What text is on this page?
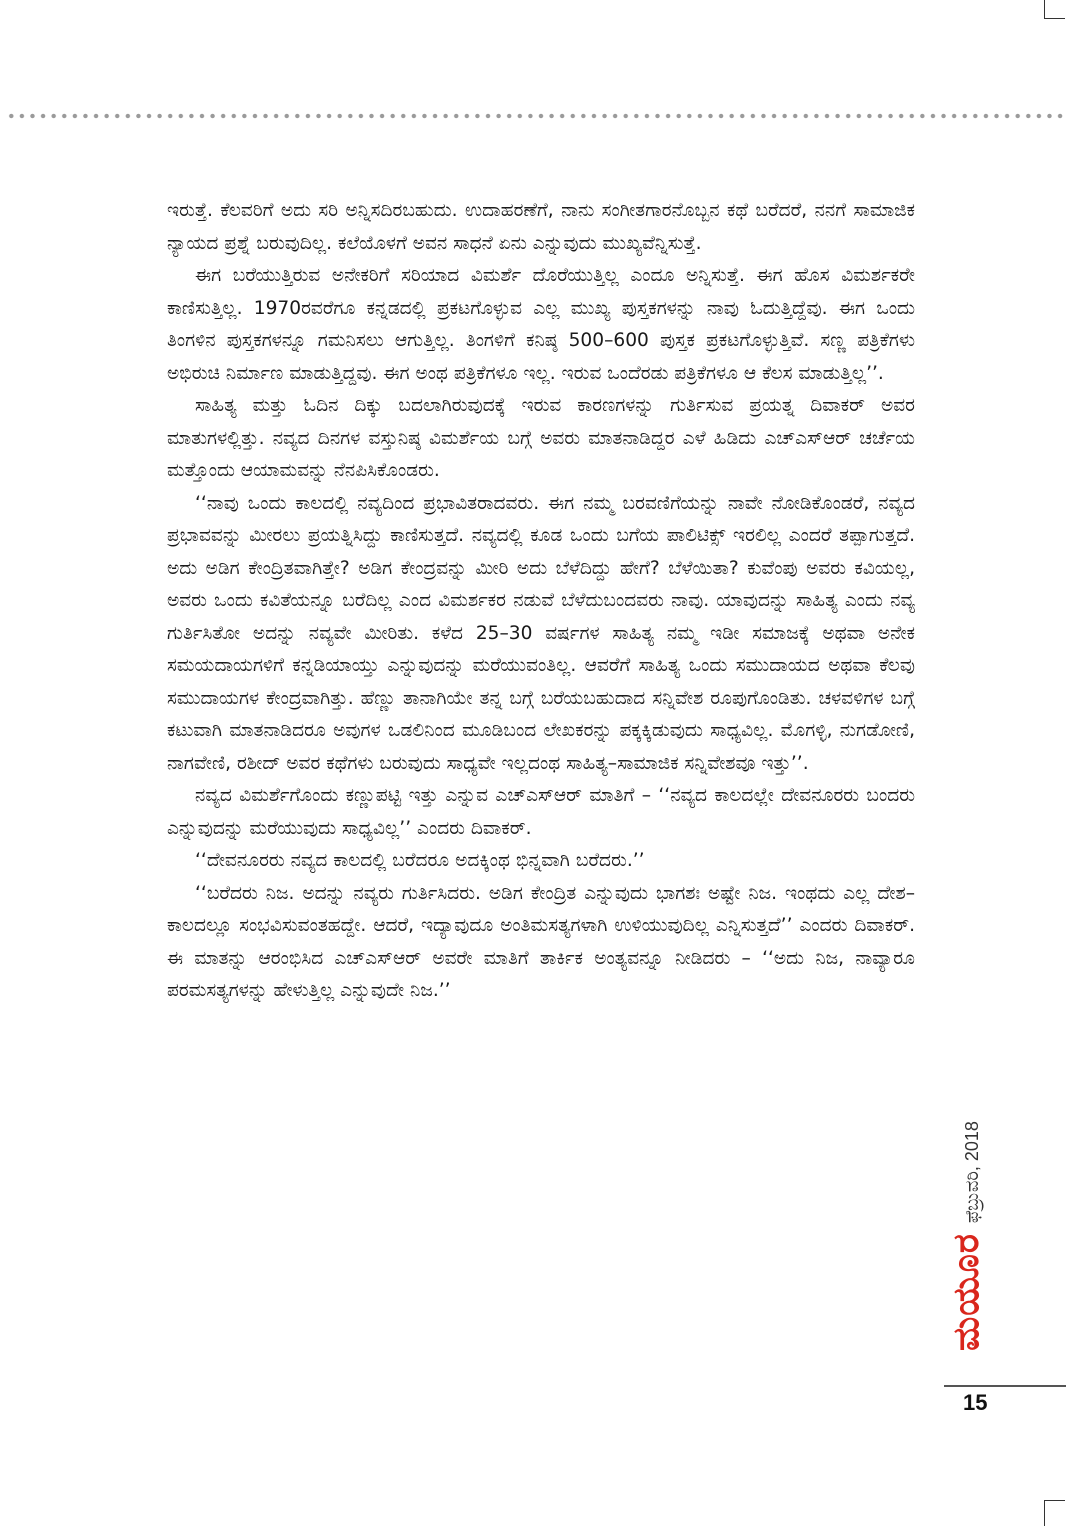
ಇರುತ್ತೆ. ಕೆಲವರಿಗೆ ಅದು ಸರಿ ಅನ್ನಿಸದಿರಬಹುದು. ಉದಾಹರಣೆಗೆ, ನಾನು ಸಂಗೀತಗಾರನೊಬ್ಬನ ಕಥೆ ಬರೆದರೆ, ನನಗೆ ಸಾಮಾಜಿಕ ನ್ಯಾಯದ ಪ್ರಶ್ನೆ ಬರುವುದಿಲ್ಲ. ಕಲೆಯೊಳಗೆ ಅವನ ಸಾಧನೆ ಏನು ಎನ್ನುವುದು ಮುಖ್ಯವೆನ್ನಿಸುತ್ತೆ.

ಈಗ ಬರೆಯುತ್ತಿರುವ ಅನೇಕರಿಗೆ ಸರಿಯಾದ ವಿಮರ್ಶೆ ದೊರೆಯುತ್ತಿಲ್ಲ ಎಂದೂ ಅನ್ನಿಸುತ್ತೆ. ಈಗ ಹೊಸ ವಿಮರ್ಶಕರೇ ಕಾಣಿಸುತ್ತಿಲ್ಲ. 1970ರವರೆಗೂ ಕನ್ನಡದಲ್ಲಿ ಪ್ರಕಟಗೊಳ್ಳುವ ಎಲ್ಲ ಮುಖ್ಯ ಪುಸ್ತಕಗಳನ್ನು ನಾವು ಓದುತ್ತಿದ್ದೆವು. ಈಗ ಒಂದು ತಿಂಗಳಿನ ಪುಸ್ತಕಗಳನ್ನೂ ಗಮನಿಸಲು ಆಗುತ್ತಿಲ್ಲ. ತಿಂಗಳಿಗೆ ಕನಿಷ್ಠ 500–600 ಪುಸ್ತಕ ಪ್ರಕಟಗೊಳ್ಳುತ್ತಿವೆ. ಸಣ್ಣ ಪತ್ರಿಕೆಗಳು ಅಭಿರುಚಿ ನಿರ್ಮಾಣ ಮಾಡುತ್ತಿದ್ದವು. ಈಗ ಅಂಥ ಪತ್ರಿಕೆಗಳೂ ಇಲ್ಲ. ಇರುವ ಒಂದೆರಡು ಪತ್ರಿಕೆಗಳೂ ಆ ಕೆಲಸ ಮಾಡುತ್ತಿಲ್ಲ’’.

ಸಾಹಿತ್ಯ ಮತ್ತು ಓದಿನ ದಿಕ್ಕು ಬದಲಾಗಿರುವುದಕ್ಕೆ ಇರುವ ಕಾರಣಗಳನ್ನು ಗುರ್ತಿಸುವ ಪ್ರಯತ್ನ ದಿವಾಕರ್ ಅವರ ಮಾತುಗಳಲ್ಲಿತ್ತು. ನವ್ಯದ ದಿನಗಳ ವಸ್ತುನಿಷ್ಠ ವಿಮರ್ಶೆಯ ಬಗ್ಗೆ ಅವರು ಮಾತನಾಡಿದ್ದರ ಎಳೆ ಹಿಡಿದು ಎಚ್‌ಎಸ್‌ಆರ್ ಚರ್ಚೆಯ ಮತ್ತೊಂದು ಆಯಾಮವನ್ನು ನೆನಪಿಸಿಕೊಂಡರು.

‘‘ನಾವು ಒಂದು ಕಾಲದಲ್ಲಿ ನವ್ಯದಿಂದ ಪ್ರಭಾವಿತರಾದವರು. ಈಗ ನಮ್ಮ ಬರವಣಿಗೆಯನ್ನು ನಾವೇ ನೋಡಿಕೊಂಡರೆ, ನವ್ಯದ ಪ್ರಭಾವವನ್ನು ಮೀರಲು ಪ್ರಯತ್ನಿಸಿದ್ದು ಕಾಣಿಸುತ್ತದೆ. ನವ್ಯದಲ್ಲಿ ಕೂಡ ಒಂದು ಬಗೆಯ ಪಾಲಿಟಿಕ್ಸ್ ಇರಲಿಲ್ಲ ಎಂದರೆ ತಪ್ಪಾಗುತ್ತದೆ. ಅದು ಅಡಿಗ ಕೇಂದ್ರಿತವಾಗಿತ್ತೇ? ಅಡಿಗ ಕೇಂದ್ರವನ್ನು ಮೀರಿ ಅದು ಬೆಳೆದಿದ್ದು ಹೇಗೆ? ಬೆಳೆಯಿತಾ? ಕುವೆಂಪು ಅವರು ಕವಿಯಲ್ಲ, ಅವರು ಒಂದು ಕವಿತೆಯನ್ನೂ ಬರೆದಿಲ್ಲ ಎಂದ ವಿಮರ್ಶಕರ ನಡುವೆ ಬೆಳೆದುಬಂದವರು ನಾವು. ಯಾವುದನ್ನು ಸಾಹಿತ್ಯ ಎಂದು ನವ್ಯ ಗುರ್ತಿಸಿತೋ ಅದನ್ನು ನವ್ಯವೇ ಮೀರಿತು. ಕಳೆದ 25–30 ವರ್ಷಗಳ ಸಾಹಿತ್ಯ ನಮ್ಮ ಇಡೀ ಸಮಾಜಕ್ಕೆ ಅಥವಾ ಅನೇಕ ಸಮಯದಾಯಗಳಿಗೆ ಕನ್ನಡಿಯಾಯ್ತು ಎನ್ನುವುದನ್ನು ಮರೆಯುವಂತಿಲ್ಲ. ಆವರೆಗೆ ಸಾಹಿತ್ಯ ಒಂದು ಸಮುದಾಯದ ಅಥವಾ ಕೆಲವು ಸಮುದಾಯಗಳ ಕೇಂದ್ರವಾಗಿತ್ತು. ಹೆಣ್ಣು ತಾನಾಗಿಯೇ ತನ್ನ ಬಗ್ಗೆ ಬರೆಯಬಹುದಾದ ಸನ್ನಿವೇಶ ರೂಪುಗೊಂಡಿತು. ಚಳವಳಿಗಳ ಬಗ್ಗೆ ಕಟುವಾಗಿ ಮಾತನಾಡಿದರೂ ಅವುಗಳ ಒಡಲಿನಿಂದ ಮೂಡಿಬಂದ ಲೇಖಕರನ್ನು ಪಕ್ಕಕ್ಕಿಡುವುದು ಸಾಧ್ಯವಿಲ್ಲ. ಮೊಗಳ್ಳಿ, ನುಗಡೋಣಿ, ನಾಗವೇಣಿ, ರಶೀದ್ ಅವರ ಕಥೆಗಳು ಬರುವುದು ಸಾಧ್ಯವೇ ಇಲ್ಲದಂಥ ಸಾಹಿತ್ಯ–ಸಾಮಾಜಿಕ ಸನ್ನಿವೇಶವೂ ಇತ್ತು’’.

ನವ್ಯದ ವಿಮರ್ಶೆಗೊಂದು ಕಣ್ಣುಪಟ್ಟಿ ಇತ್ತು ಎನ್ನುವ ಎಚ್‌ಎಸ್‌ಆರ್ ಮಾತಿಗೆ – ‘‘ನವ್ಯದ ಕಾಲದಲ್ಲೇ ದೇವನೂರರು ಬಂದರು ಎನ್ನುವುದನ್ನು ಮರೆಯುವುದು ಸಾಧ್ಯವಿಲ್ಲ’’ ಎಂದರು ದಿವಾಕರ್.

‘‘ದೇವನೂರರು ನವ್ಯದ ಕಾಲದಲ್ಲಿ ಬರೆದರೂ ಅದಕ್ಕಿಂಥ ಭಿನ್ನವಾಗಿ ಬರೆದರು.’’

‘‘ಬರೆದರು ನಿಜ. ಅದನ್ನು ನವ್ಯರು ಗುರ್ತಿಸಿದರು. ಅಡಿಗ ಕೇಂದ್ರಿತ ಎನ್ನುವುದು ಭಾಗಶಃ ಅಷ್ಟೇ ನಿಜ. ಇಂಥದು ಎಲ್ಲ ದೇಶ–ಕಾಲದಲ್ಲೂ ಸಂಭವಿಸುವಂತಹದ್ದೇ. ಆದರೆ, ಇದ್ಯಾವುದೂ ಅಂತಿಮಸತ್ಯಗಳಾಗಿ ಉಳಿಯುವುದಿಲ್ಲ ಎನ್ನಿಸುತ್ತದೆ’’ ಎಂದರು ದಿವಾಕರ್. ಈ ಮಾತನ್ನು ಆರಂಭಿಸಿದ ಎಚ್‌ಎಸ್‌ಆರ್ ಅವರೇ ಮಾತಿಗೆ ತಾರ್ಕಿಕ ಅಂತ್ಯವನ್ನೂ ನೀಡಿದರು – ‘‘ಅದು ನಿಜ, ನಾವ್ಯಾರೂ ಪರಮಸತ್ಯಗಳನ್ನು ಹೇಳುತ್ತಿಲ್ಲ ಎನ್ನುವುದೇ ನಿಜ.’’

ಮಯೂರ
ಫೆಬ್ರುವರಿ, 2018
15
